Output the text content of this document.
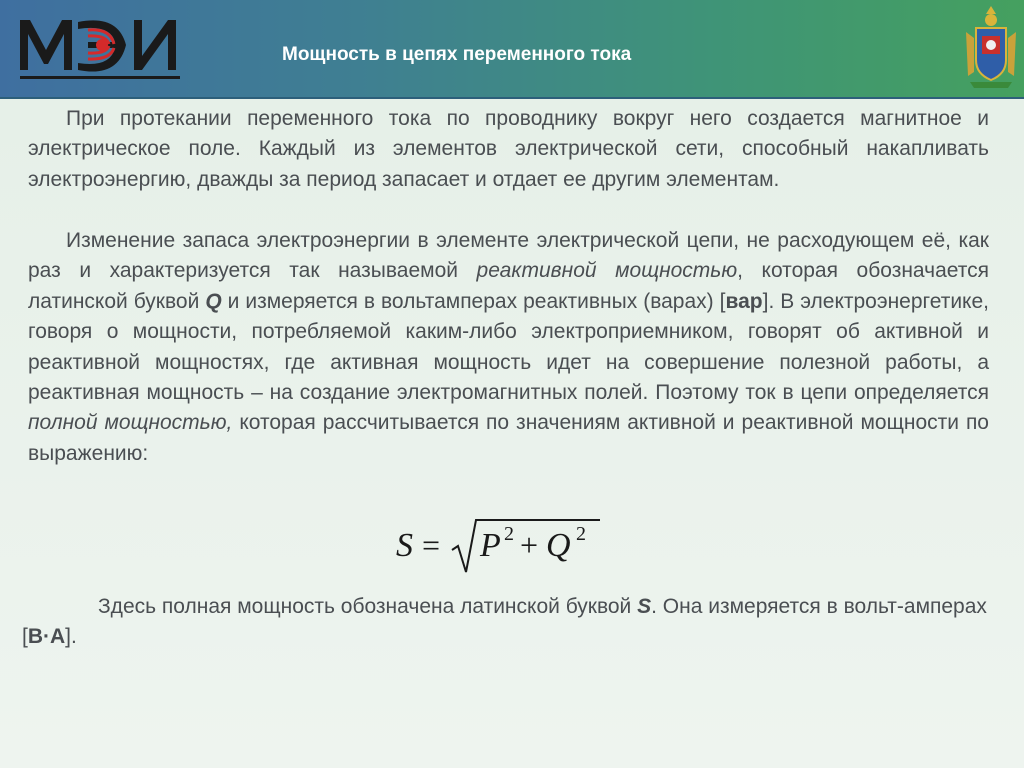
Мощность в цепях переменного тока

При протекании переменного тока по проводнику вокруг него создается магнитное и электрическое поле. Каждый из элементов электрической сети, способный накапливать электроэнергию, дважды за период запасает и отдает ее другим элементам.

Изменение запаса электроэнергии в элементе электрической цепи, не расходующем её, как раз и характеризуется так называемой реактивной мощностью, которая обозначается латинской буквой Q и измеряется в вольтамперах реактивных (варах) [вар]. В электроэнергетике, говоря о мощности, потребляемой каким-либо электроприемником, говорят об активной и реактивной мощностях, где активная мощность идет на совершение полезной работы, а реактивная мощность – на создание электромагнитных полей. Поэтому ток в цепи определяется полной мощностью, которая рассчитывается по значениям активной и реактивной мощности по выражению:

S = P 2 + Q 2

Здесь полная мощность обозначена латинской буквой S. Она измеряется в вольт-амперах [В·А].
